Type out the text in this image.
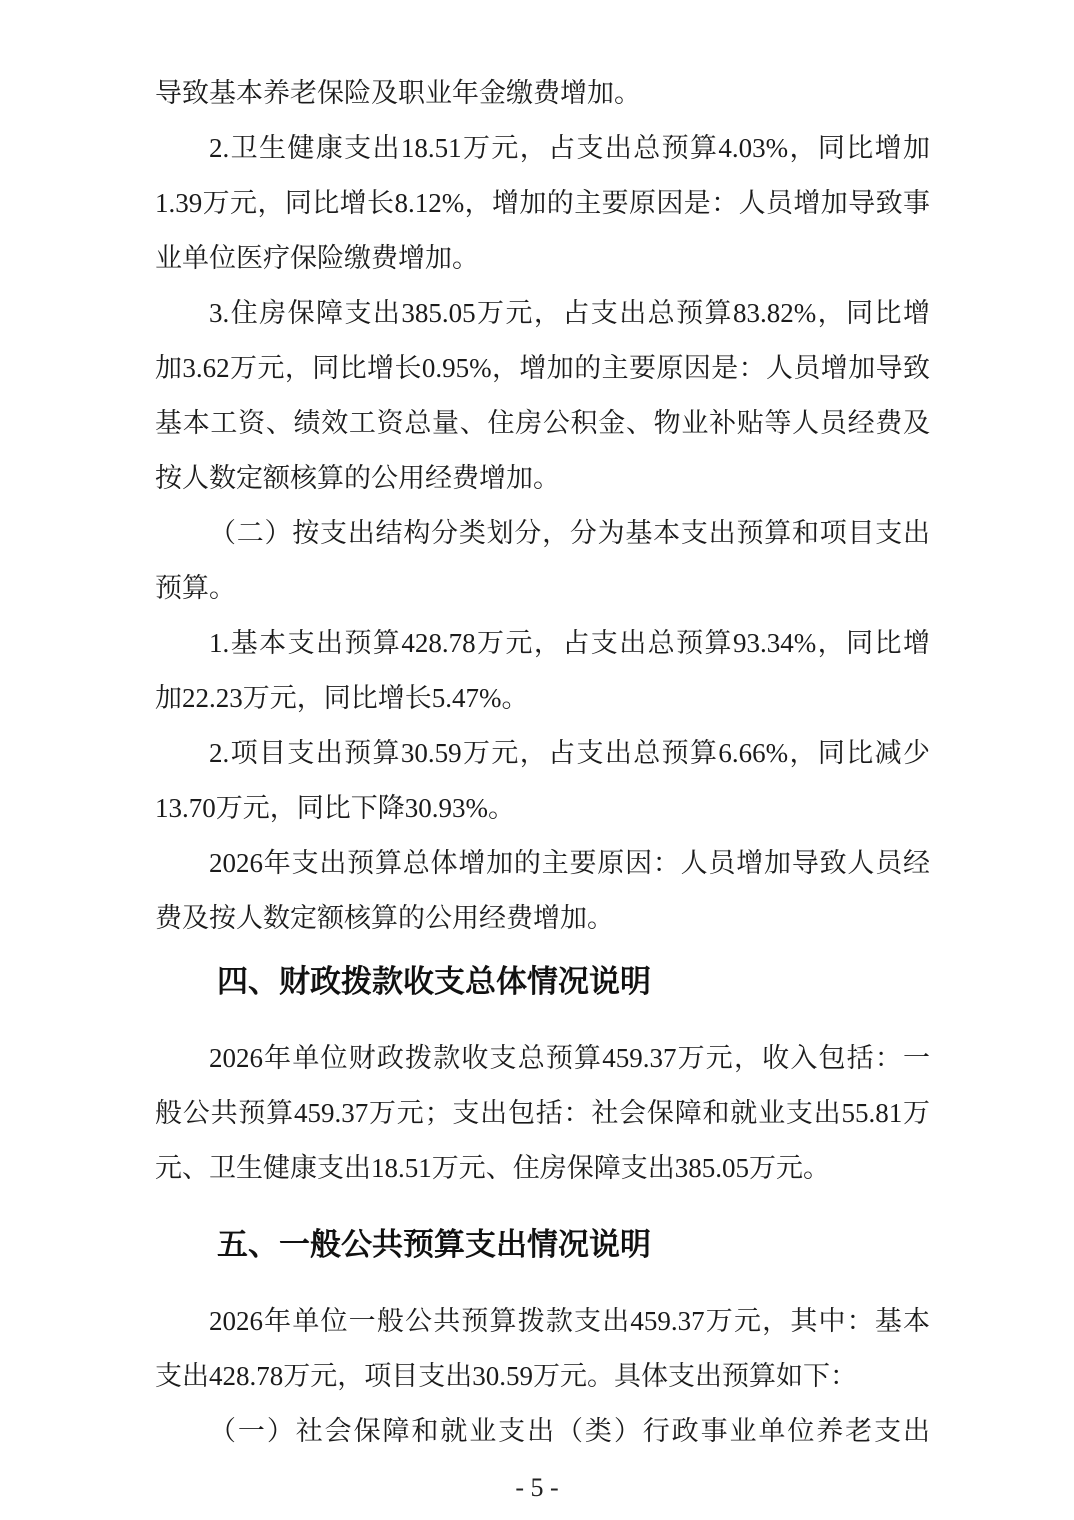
导致基本养老保险及职业年金缴费增加。
2.卫生健康支出18.51万元，占支出总预算4.03%，同比增加
1.39万元，同比增长8.12%，增加的主要原因是：人员增加导致事
业单位医疗保险缴费增加。
3.住房保障支出385.05万元，占支出总预算83.82%，同比增
加3.62万元，同比增长0.95%，增加的主要原因是：人员增加导致
基本工资、绩效工资总量、住房公积金、物业补贴等人员经费及
按人数定额核算的公用经费增加。
（二）按支出结构分类划分，分为基本支出预算和项目支出
预算。
1.基本支出预算428.78万元，占支出总预算93.34%，同比增
加22.23万元，同比增长5.47%。
2.项目支出预算30.59万元，占支出总预算6.66%，同比减少
13.70万元，同比下降30.93%。
2026年支出预算总体增加的主要原因：人员增加导致人员经
费及按人数定额核算的公用经费增加。
四、财政拨款收支总体情况说明
2026年单位财政拨款收支总预算459.37万元，收入包括：一
般公共预算459.37万元；支出包括：社会保障和就业支出55.81万
元、卫生健康支出18.51万元、住房保障支出385.05万元。
五、一般公共预算支出情况说明
2026年单位一般公共预算拨款支出459.37万元，其中：基本
支出428.78万元，项目支出30.59万元。具体支出预算如下：
（一）社会保障和就业支出（类）行政事业单位养老支出
- 5 -
